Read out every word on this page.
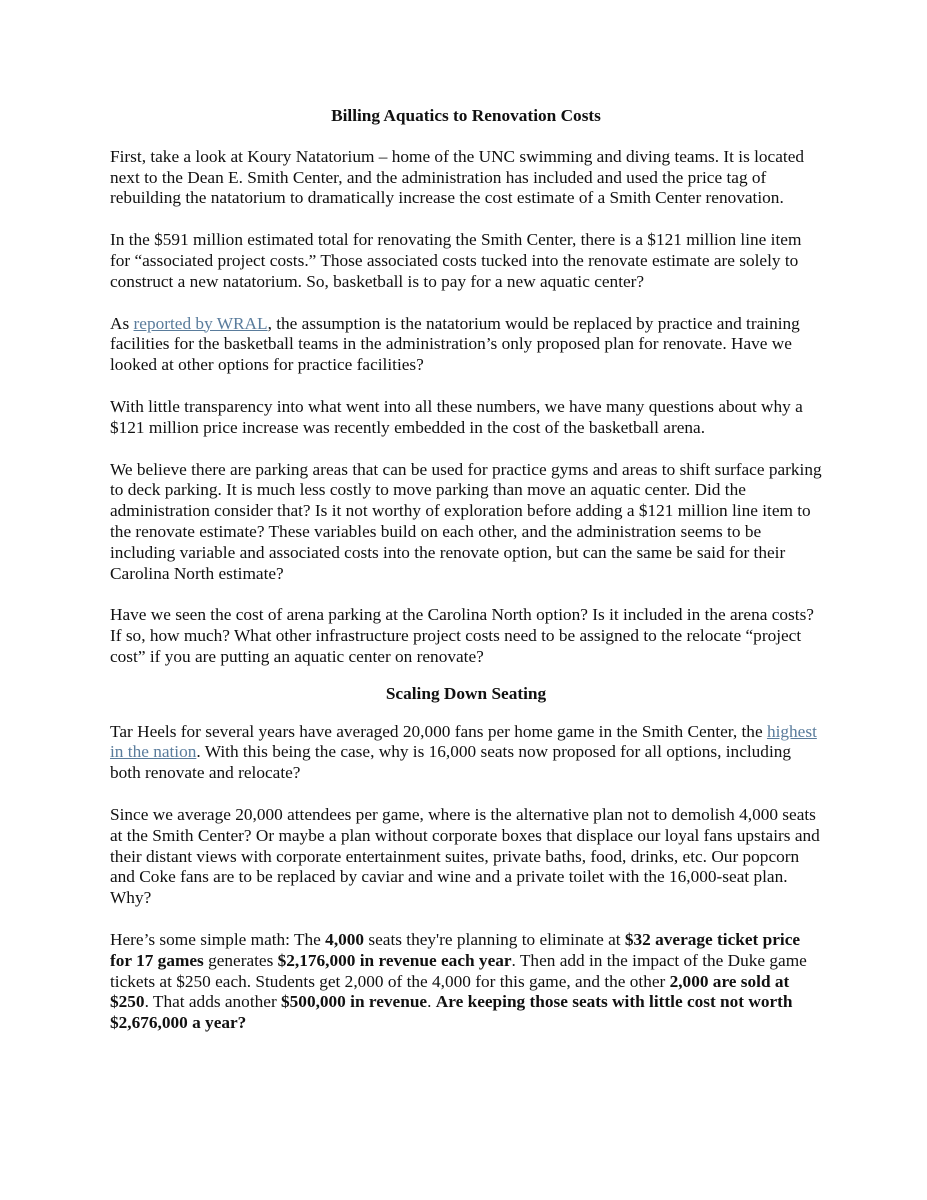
Billing Aquatics to Renovation Costs

First, take a look at Koury Natatorium – home of the UNC swimming and diving teams. It is located next to the Dean E. Smith Center, and the administration has included and used the price tag of rebuilding the natatorium to dramatically increase the cost estimate of a Smith Center renovation.

In the $591 million estimated total for renovating the Smith Center, there is a $121 million line item for “associated project costs.” Those associated costs tucked into the renovate estimate are solely to construct a new natatorium. So, basketball is to pay for a new aquatic center?

As reported by WRAL, the assumption is the natatorium would be replaced by practice and training facilities for the basketball teams in the administration’s only proposed plan for renovate. Have we looked at other options for practice facilities?

With little transparency into what went into all these numbers, we have many questions about why a $121 million price increase was recently embedded in the cost of the basketball arena.

We believe there are parking areas that can be used for practice gyms and areas to shift surface parking to deck parking. It is much less costly to move parking than move an aquatic center. Did the administration consider that? Is it not worthy of exploration before adding a $121 million line item to the renovate estimate? These variables build on each other, and the administration seems to be including variable and associated costs into the renovate option, but can the same be said for their Carolina North estimate?

Have we seen the cost of arena parking at the Carolina North option? Is it included in the arena costs? If so, how much? What other infrastructure project costs need to be assigned to the relocate “project cost” if you are putting an aquatic center on renovate?

Scaling Down Seating

Tar Heels for several years have averaged 20,000 fans per home game in the Smith Center, the highest in the nation. With this being the case, why is 16,000 seats now proposed for all options, including both renovate and relocate?

Since we average 20,000 attendees per game, where is the alternative plan not to demolish 4,000 seats at the Smith Center? Or maybe a plan without corporate boxes that displace our loyal fans upstairs and their distant views with corporate entertainment suites, private baths, food, drinks, etc. Our popcorn and Coke fans are to be replaced by caviar and wine and a private toilet with the 16,000-seat plan. Why?

Here’s some simple math: The 4,000 seats they're planning to eliminate at $32 average ticket price for 17 games generates $2,176,000 in revenue each year. Then add in the impact of the Duke game tickets at $250 each. Students get 2,000 of the 4,000 for this game, and the other 2,000 are sold at $250. That adds another $500,000 in revenue. Are keeping those seats with little cost not worth $2,676,000 a year?
